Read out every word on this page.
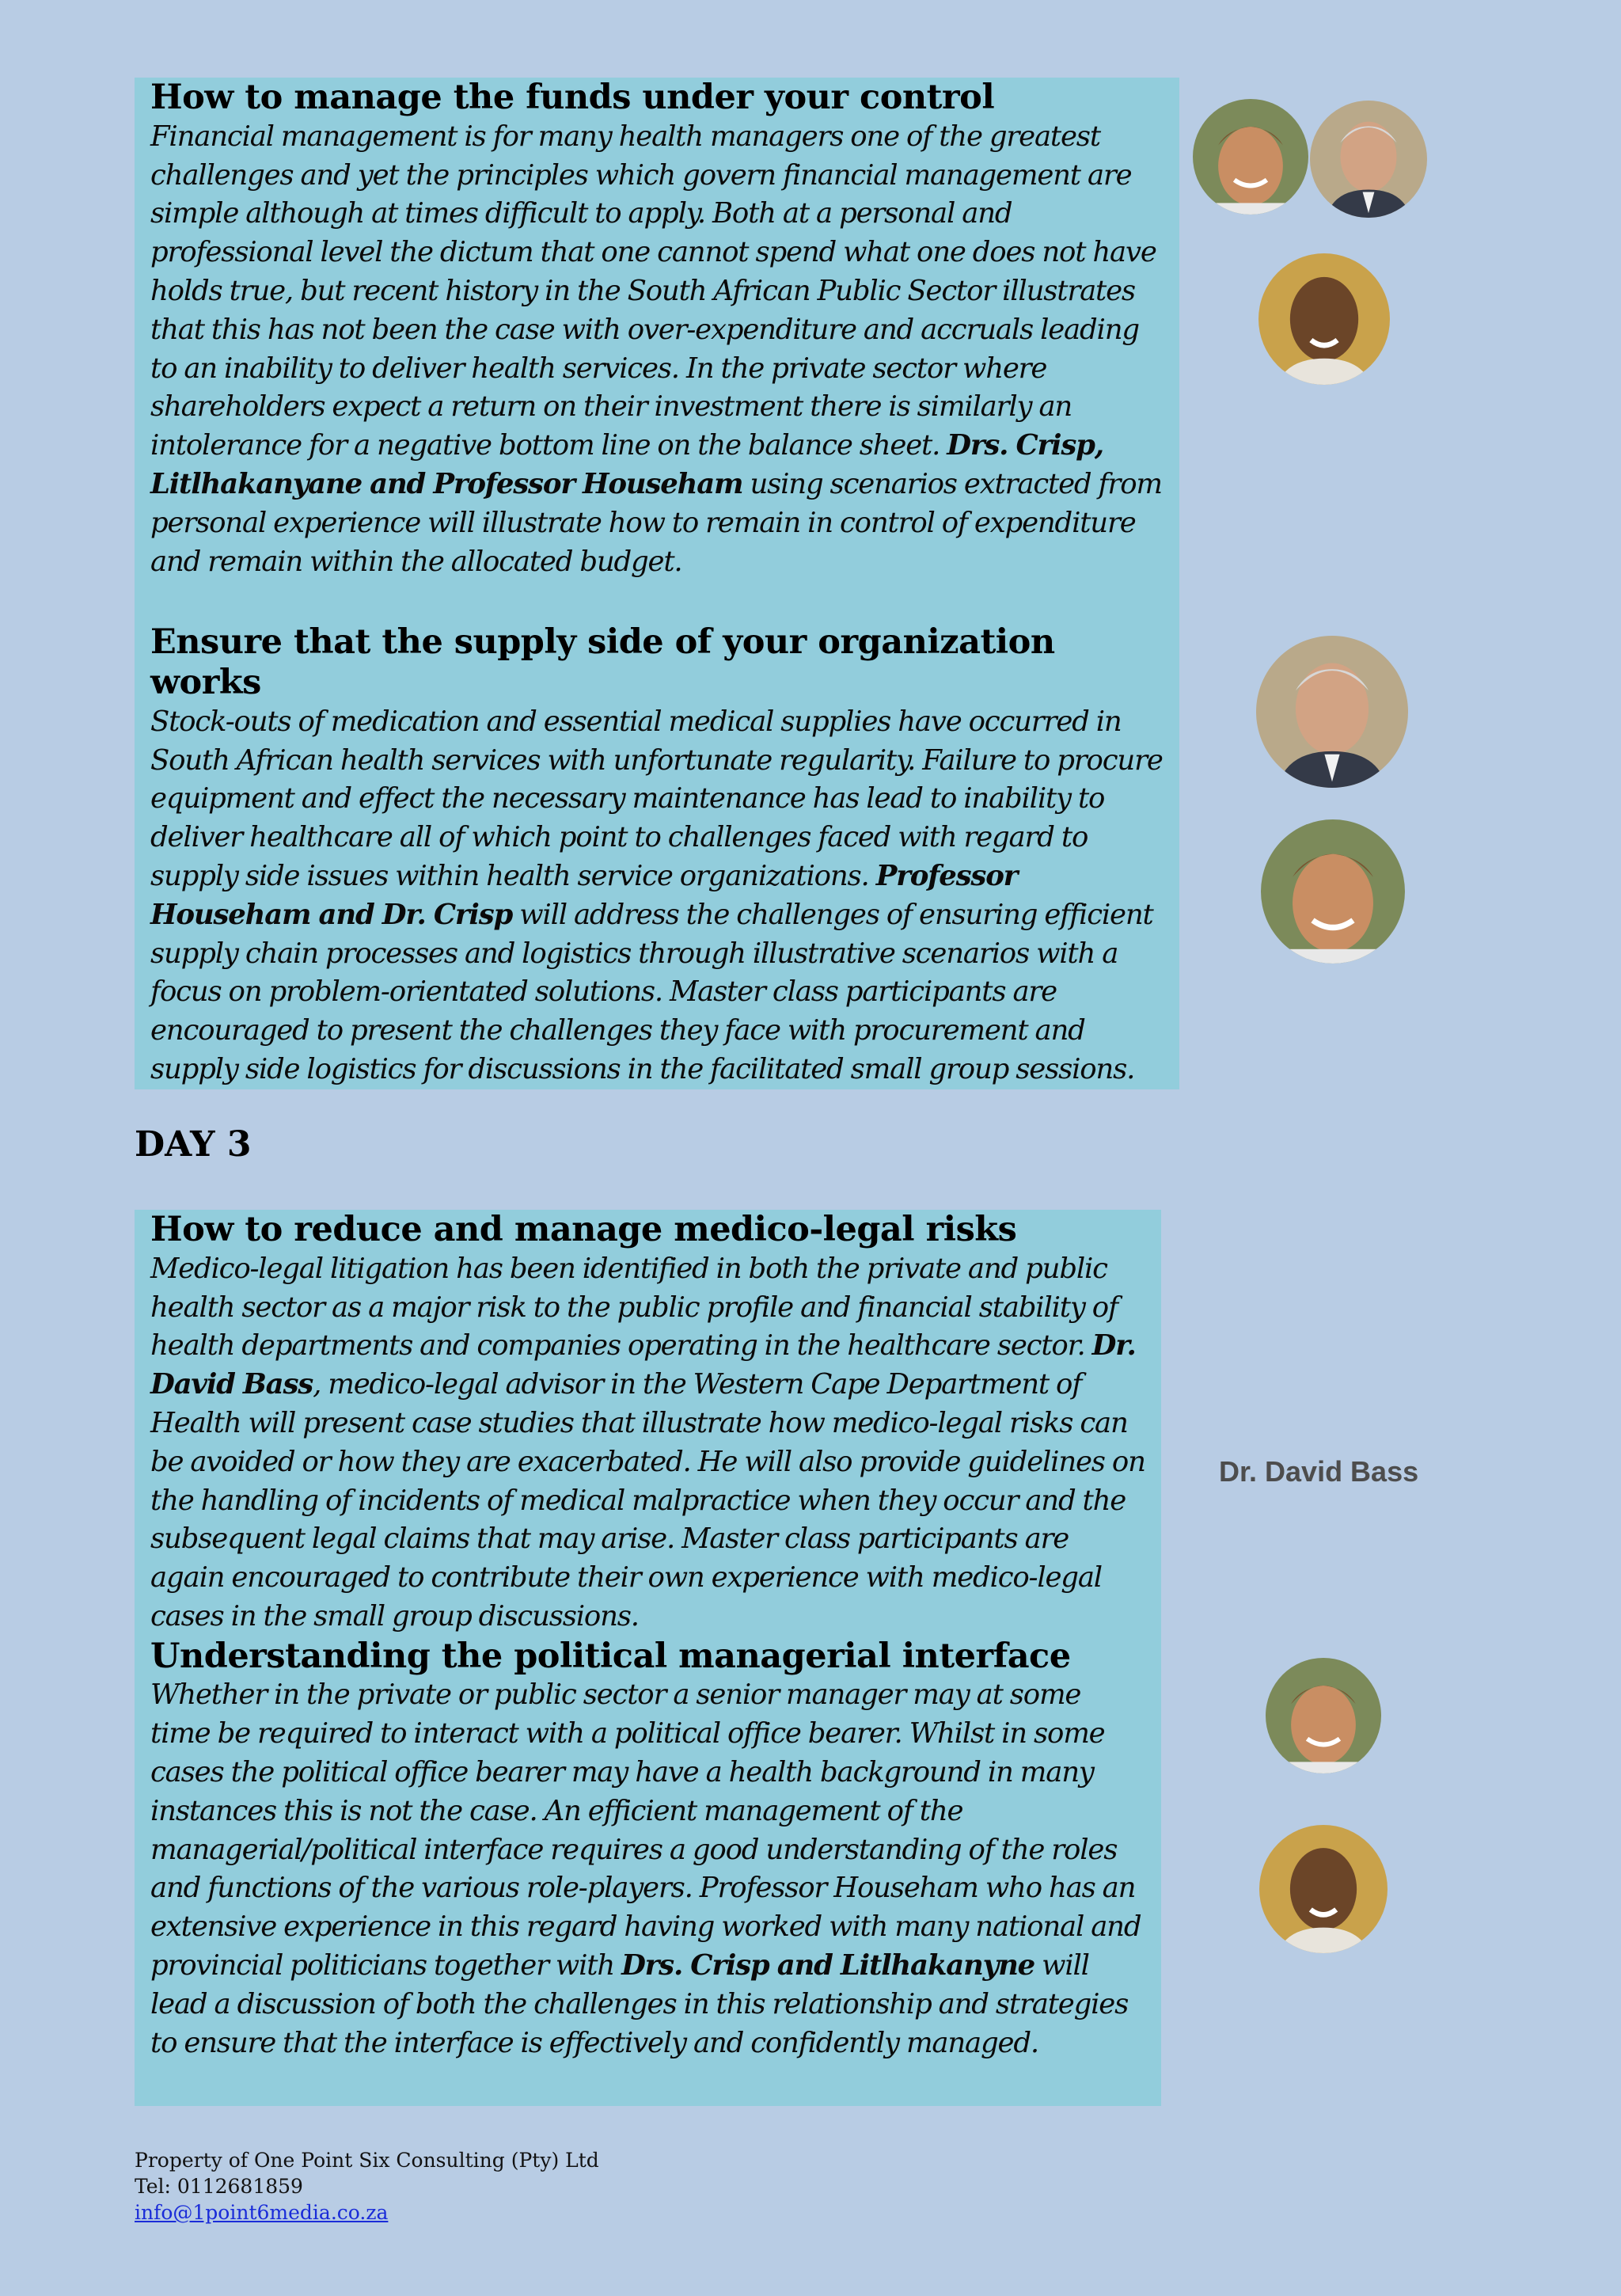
How to manage the funds under your control

Financial management is for many health managers one of the greatest challenges and yet the principles which govern financial management are simple although at times difficult to apply. Both at a personal and professional level the dictum that one cannot spend what one does not have holds true, but recent history in the South African Public Sector illustrates that this has not been the case with over-expenditure and accruals leading to an inability to deliver health services. In the private sector where shareholders expect a return on their investment there is similarly an intolerance for a negative bottom line on the balance sheet. Drs. Crisp, Litlhakanyane and Professor Househam using scenarios extracted from personal experience will illustrate how to remain in control of expenditure and remain within the allocated budget.

Ensure that the supply side of your organization works

Stock-outs of medication and essential medical supplies have occurred in South African health services with unfortunate regularity. Failure to procure equipment and effect the necessary maintenance has lead to inability to deliver healthcare all of which point to challenges faced with regard to supply side issues within health service organizations. Professor Househam and Dr. Crisp will address the challenges of ensuring efficient supply chain processes and logistics through illustrative scenarios with a focus on problem-orientated solutions. Master class participants are encouraged to present the challenges they face with procurement and supply side logistics for discussions in the facilitated small group sessions.

DAY 3
How to reduce and manage medico-legal risks

Medico-legal litigation has been identified in both the private and public health sector as a major risk to the public profile and financial stability of health departments and companies operating in the healthcare sector. Dr. David Bass, medico-legal advisor in the Western Cape Department of Health will present case studies that illustrate how medico-legal risks can be avoided or how they are exacerbated. He will also provide guidelines on the handling of incidents of medical malpractice when they occur and the subsequent legal claims that may arise. Master class participants are again encouraged to contribute their own experience with medico-legal cases in the small group discussions.

Understanding the political managerial interface

Whether in the private or public sector a senior manager may at some time be required to interact with a political office bearer. Whilst in some cases the political office bearer may have a health background in many instances this is not the case. An efficient management of the managerial/political interface requires a good understanding of the roles and functions of the various role-players. Professor Househam who has an extensive experience in this regard having worked with many national and provincial politicians together with Drs. Crisp and Litlhakanyne will lead a discussion of both the challenges in this relationship and strategies to ensure that the interface is effectively and confidently managed.

Dr. David Bass
Property of One Point Six Consulting (Pty) Ltd
Tel: 0112681859
info@1point6media.co.za
